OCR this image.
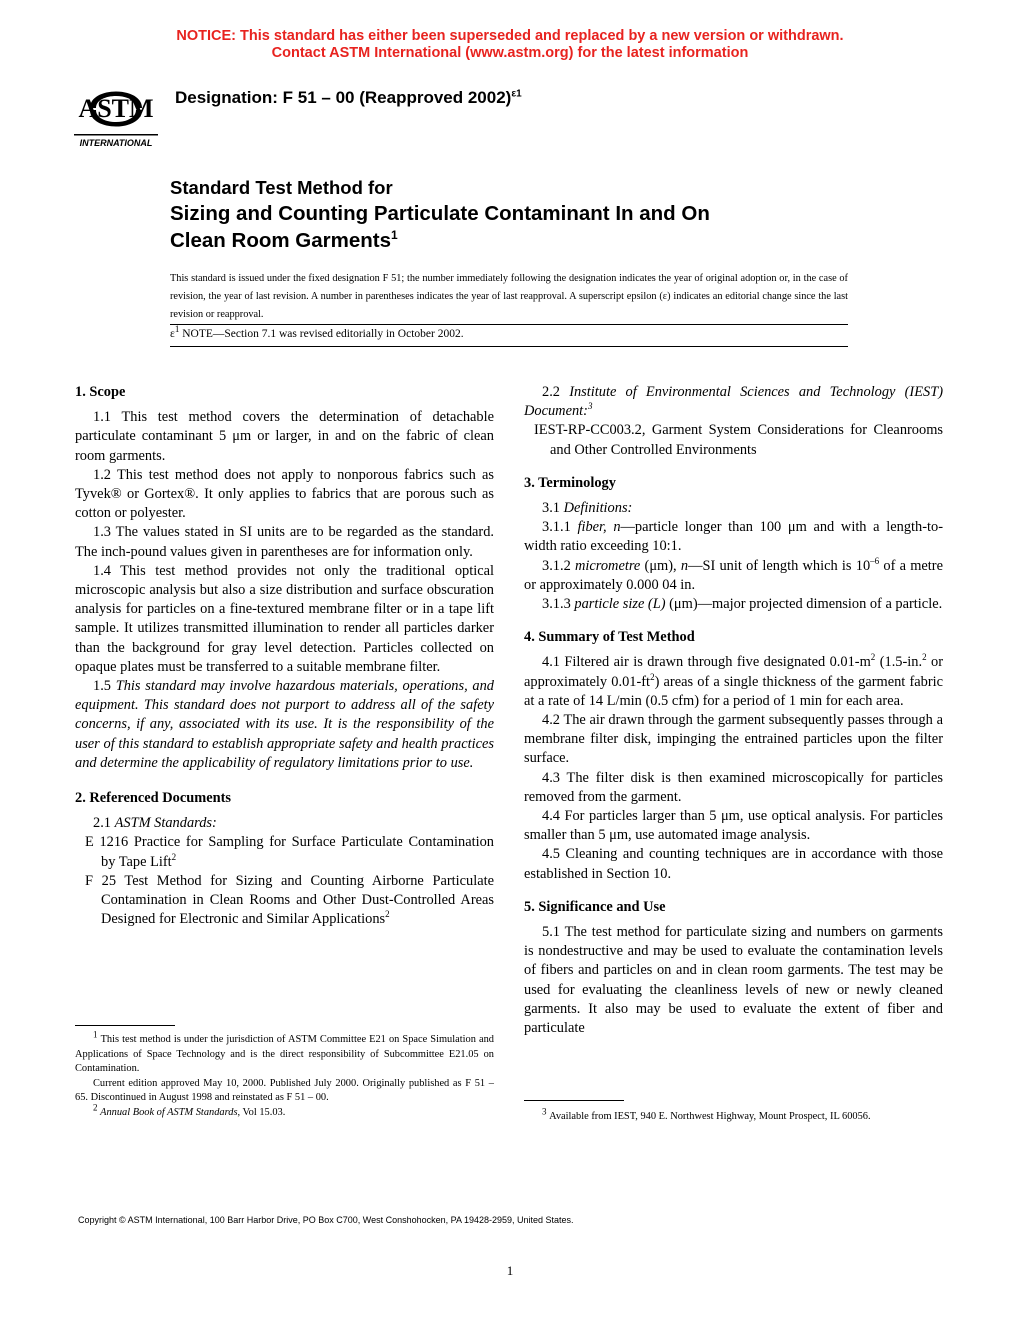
NOTICE: This standard has either been superseded and replaced by a new version or withdrawn.
Contact ASTM International (www.astm.org) for the latest information
ASTM
INTERNATIONAL
Designation: F 51 – 00 (Reapproved 2002)$^{\varepsilon 1}$
Standard Test Method for
Sizing and Counting Particulate Contaminant In and On
Clean Room Garments$^1$
This standard is issued under the fixed designation F 51; the number immediately following the designation indicates the year of original adoption or, in the case of revision, the year of last revision. A number in parentheses indicates the year of last reapproval. A superscript epsilon (ε) indicates an editorial change since the last revision or reapproval.
$\varepsilon^1$ NOTE—Section 7.1 was revised editorially in October 2002.

1. Scope

1.1 This test method covers the determination of detachable particulate contaminant 5 μm or larger, in and on the fabric of clean room garments.

1.2 This test method does not apply to nonporous fabrics such as Tyvek® or Gortex®. It only applies to fabrics that are porous such as cotton or polyester.

1.3 The values stated in SI units are to be regarded as the standard. The inch-pound values given in parentheses are for information only.

1.4 This test method provides not only the traditional optical microscopic analysis but also a size distribution and surface obscuration analysis for particles on a fine-textured membrane filter or in a tape lift sample. It utilizes transmitted illumination to render all particles darker than the background for gray level detection. Particles collected on opaque plates must be transferred to a suitable membrane filter.

1.5 This standard may involve hazardous materials, operations, and equipment. This standard does not purport to address all of the safety concerns, if any, associated with its use. It is the responsibility of the user of this standard to establish appropriate safety and health practices and determine the applicability of regulatory limitations prior to use.

2. Referenced Documents

2.1 ASTM Standards:

E 1216 Practice for Sampling for Surface Particulate Contamination by Tape Lift$^2$

F 25 Test Method for Sizing and Counting Airborne Particulate Contamination in Clean Rooms and Other Dust-Controlled Areas Designed for Electronic and Similar Applications$^2$

$^1$ This test method is under the jurisdiction of ASTM Committee E21 on Space Simulation and Applications of Space Technology and is the direct responsibility of Subcommittee E21.05 on Contamination.

Current edition approved May 10, 2000. Published July 2000. Originally published as F 51 – 65. Discontinued in August 1998 and reinstated as F 51 – 00.

$^2$ Annual Book of ASTM Standards, Vol 15.03.

2.2 Institute of Environmental Sciences and Technology (IEST) Document:$^3$

IEST-RP-CC003.2, Garment System Considerations for Cleanrooms and Other Controlled Environments

3. Terminology

3.1 Definitions:

3.1.1 fiber, n—particle longer than 100 μm and with a length-to-width ratio exceeding 10:1.

3.1.2 micrometre (μm), n—SI unit of length which is $10^{-6}$ of a metre or approximately 0.000 04 in.

3.1.3 particle size (L) (μm)—major projected dimension of a particle.

4. Summary of Test Method

4.1 Filtered air is drawn through five designated $0.01-m^2$ (1.5-in.$^2$ or approximately $0.01-ft^2$) areas of a single thickness of the garment fabric at a rate of 14 L/min (0.5 cfm) for a period of 1 min for each area.

4.2 The air drawn through the garment subsequently passes through a membrane filter disk, impinging the entrained particles upon the filter surface.

4.3 The filter disk is then examined microscopically for particles removed from the garment.

4.4 For particles larger than 5 μm, use optical analysis. For particles smaller than 5 μm, use automated image analysis.

4.5 Cleaning and counting techniques are in accordance with those established in Section 10.

5. Significance and Use

5.1 The test method for particulate sizing and numbers on garments is nondestructive and may be used to evaluate the contamination levels of fibers and particles on and in clean room garments. The test may be used for evaluating the cleanliness levels of new or newly cleaned garments. It also may be used to evaluate the extent of fiber and particulate

$^3$ Available from IEST, 940 E. Northwest Highway, Mount Prospect, IL 60056.

Copyright © ASTM International, 100 Barr Harbor Drive, PO Box C700, West Conshohocken, PA 19428-2959, United States.
1
